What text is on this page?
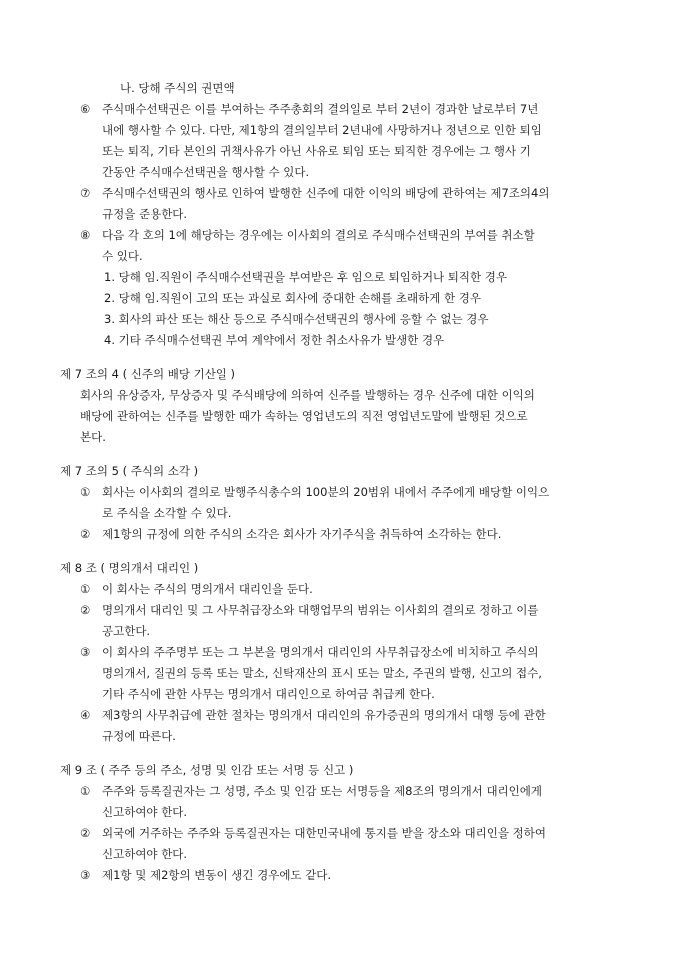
나. 당해 주식의 권면액
⑥ 주식매수선택권은 이를 부여하는 주주총회의 결의일로 부터 2년이 경과한 날로부터 7년
내에 행사할 수 있다. 다만, 제1항의 결의일부터 2년내에 사망하거나 정년으로 인한 퇴임
또는 퇴직, 기타 본인의 귀책사유가 아닌 사유로 퇴임 또는 퇴직한 경우에는 그 행사 기
간동안 주식매수선택권을 행사할 수 있다.
⑦ 주식매수선택권의 행사로 인하여 발행한 신주에 대한 이익의 배당에 관하여는 제7조의4의
규정을 준용한다.
⑧ 다음 각 호의 1에 해당하는 경우에는 이사회의 결의로 주식매수선택권의 부여를 취소할
수 있다.
1. 당해 임.직원이 주식매수선택권을 부여받은 후 임으로 퇴임하거나 퇴직한 경우
2. 당해 임.직원이 고의 또는 과실로 회사에 중대한 손해를 초래하게 한 경우
3. 회사의 파산 또는 해산 등으로 주식매수선택권의 행사에 응할 수 없는 경우
4. 기타 주식매수선택권 부여 계약에서 정한 취소사유가 발생한 경우
제 7 조의 4 ( 신주의 배당 기산일 )
회사의 유상증자, 무상증자 및 주식배당에 의하여 신주를 발행하는 경우 신주에 대한 이익의
배당에 관하여는 신주를 발행한 때가 속하는 영업년도의 직전 영업년도말에 발행된 것으로
본다.
제 7 조의 5 ( 주식의 소각 )
① 회사는 이사회의 결의로 발행주식총수의 100분의 20범위 내에서 주주에게 배당할 이익으
로 주식을 소각할 수 있다.
② 제1항의 규정에 의한 주식의 소각은 회사가 자기주식을 취득하여 소각하는 한다.
제 8 조 ( 명의개서 대리인 )
① 이 회사는 주식의 명의개서 대리인을 둔다.
② 명의개서 대리인 및 그 사무취급장소와 대행업무의 범위는 이사회의 결의로 정하고 이를
공고한다.
③ 이 회사의 주주명부 또는 그 부본을 명의개서 대리인의 사무취급장소에 비치하고 주식의
명의개서, 질권의 등록 또는 말소, 신탁재산의 표시 또는 말소, 주권의 발행, 신고의 접수,
기타 주식에 관한 사무는 명의개서 대리인으로 하여금 취급케 한다.
④ 제3항의 사무취급에 관한 절차는 명의개서 대리인의 유가증권의 명의개서 대행 등에 관한
규정에 따른다.
제 9 조 ( 주주 등의 주소, 성명 및 인감 또는 서명 등 신고 )
① 주주와 등록질권자는 그 성명, 주소 및 인감 또는 서명등을 제8조의 명의개서 대리인에게
신고하여야 한다.
② 외국에 거주하는 주주와 등록질권자는 대한민국내에 통지를 받을 장소와 대리인을 정하여
신고하여야 한다.
③ 제1항 및 제2항의 변동이 생긴 경우에도 같다.
